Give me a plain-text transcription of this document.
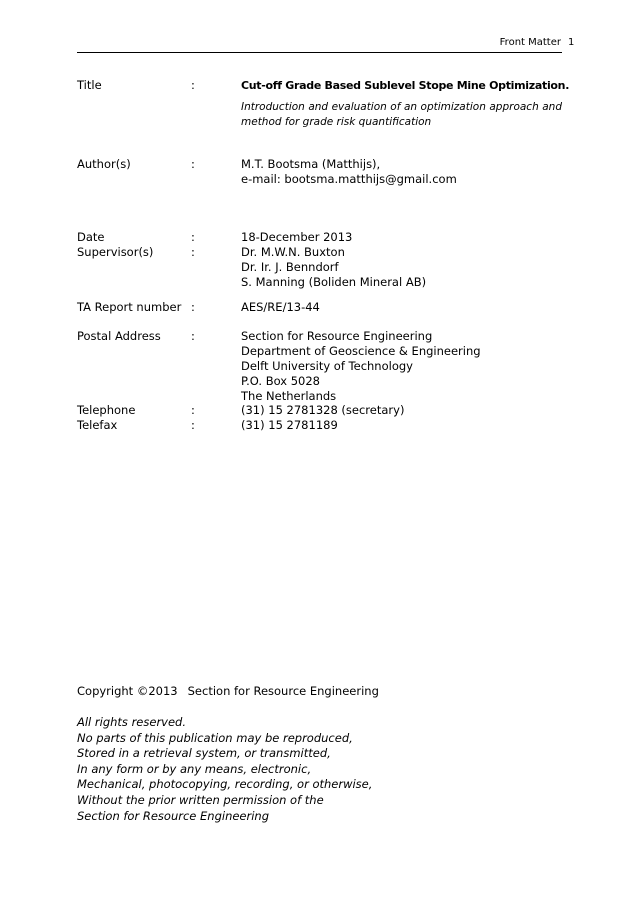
Front Matter 1
Title	:	Cut-off Grade Based Sublevel Stope Mine Optimization.
Introduction and evaluation of an optimization approach and
method for grade risk quantification
Author(s)	:	M.T. Bootsma (Matthijs),
e-mail: bootsma.matthijs@gmail.com
Date	:	18-December 2013
Supervisor(s)	:	Dr. M.W.N. Buxton
Dr. Ir. J. Benndorf
S. Manning (Boliden Mineral AB)
TA Report number :	AES/RE/13-44
Postal Address	:	Section for Resource Engineering
Department of Geoscience & Engineering
Delft University of Technology
P.O. Box 5028
The Netherlands
Telephone	:	(31) 15 2781328 (secretary)
Telefax	:	(31) 15 2781189
Copyright ©2013 Section for Resource Engineering
All rights reserved.
No parts of this publication may be reproduced,
Stored in a retrieval system, or transmitted,
In any form or by any means, electronic,
Mechanical, photocopying, recording, or otherwise,
Without the prior written permission of the
Section for Resource Engineering
